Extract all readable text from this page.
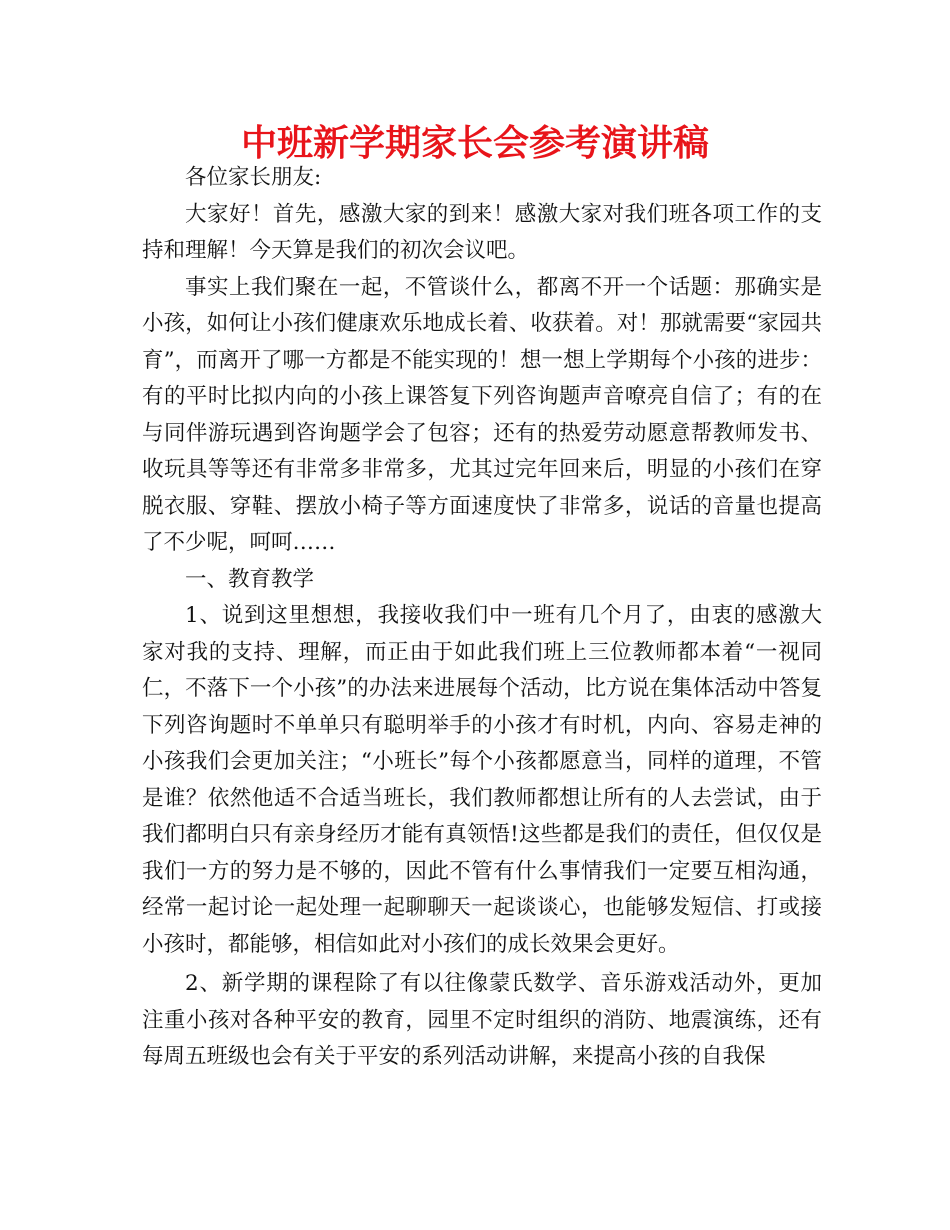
中班新学期家长会参考演讲稿

各位家长朋友:

大家好！首先，感激大家的到来！感激大家对我们班各项工作的支持和理解！今天算是我们的初次会议吧。

事实上我们聚在一起，不管谈什么，都离不开一个话题：那确实是小孩，如何让小孩们健康欢乐地成长着、收获着。对！那就需要“家园共育”，而离开了哪一方都是不能实现的！想一想上学期每个小孩的进步：有的平时比拟内向的小孩上课答复下列咨询题声音嘹亮自信了；有的在与同伴游玩遇到咨询题学会了包容；还有的热爱劳动愿意帮教师发书、收玩具等等还有非常多非常多，尤其过完年回来后，明显的小孩们在穿脱衣服、穿鞋、摆放小椅子等方面速度快了非常多，说话的音量也提高了不少呢，呵呵……

一、教育教学

1、说到这里想想，我接收我们中一班有几个月了，由衷的感激大家对我的支持、理解，而正由于如此我们班上三位教师都本着“一视同仁，不落下一个小孩”的办法来进展每个活动，比方说在集体活动中答复下列咨询题时不单单只有聪明举手的小孩才有时机，内向、容易走神的小孩我们会更加关注；“小班长”每个小孩都愿意当，同样的道理，不管是谁？依然他适不合适当班长，我们教师都想让所有的人去尝试，由于我们都明白只有亲身经历才能有真领悟!这些都是我们的责任，但仅仅是我们一方的努力是不够的，因此不管有什么事情我们一定要互相沟通，经常一起讨论一起处理一起聊聊天一起谈谈心，也能够发短信、打或接小孩时，都能够，相信如此对小孩们的成长效果会更好。

2、新学期的课程除了有以往像蒙氏数学、音乐游戏活动外，更加注重小孩对各种平安的教育，园里不定时组织的消防、地震演练，还有每周五班级也会有关于平安的系列活动讲解，来提高小孩的自我保
